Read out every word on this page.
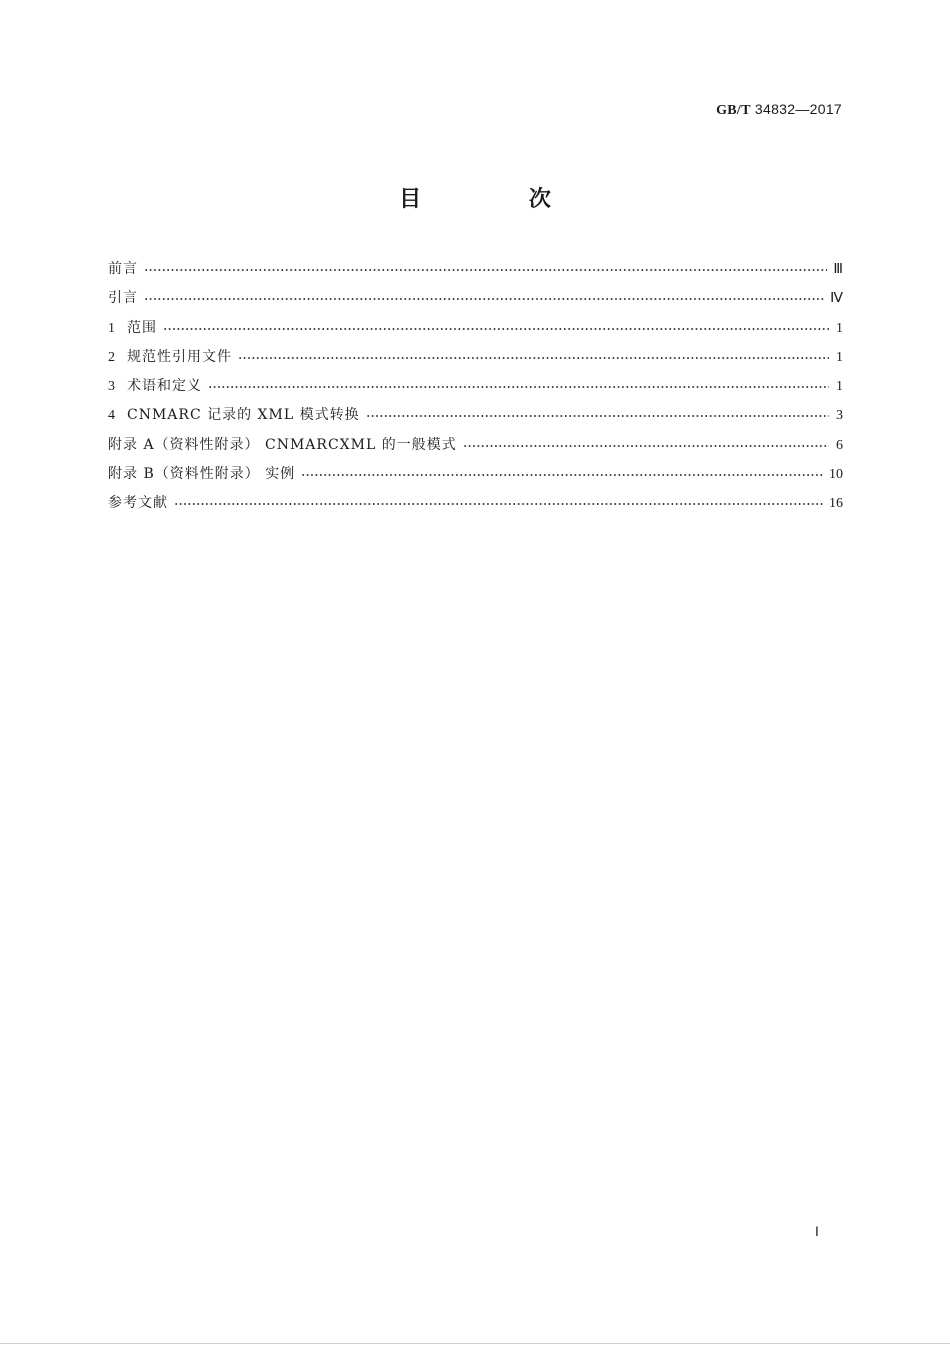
GB/T 34832—2017
目 次
前言	Ⅲ
引言	Ⅳ
1 范围	1
2 规范性引用文件	1
3 术语和定义	1
4 CNMARC 记录的 XML 模式转换	3
附录 A（资料性附录） CNMARCXML 的一般模式	6
附录 B（资料性附录） 实例	10
参考文献	16
Ⅰ
